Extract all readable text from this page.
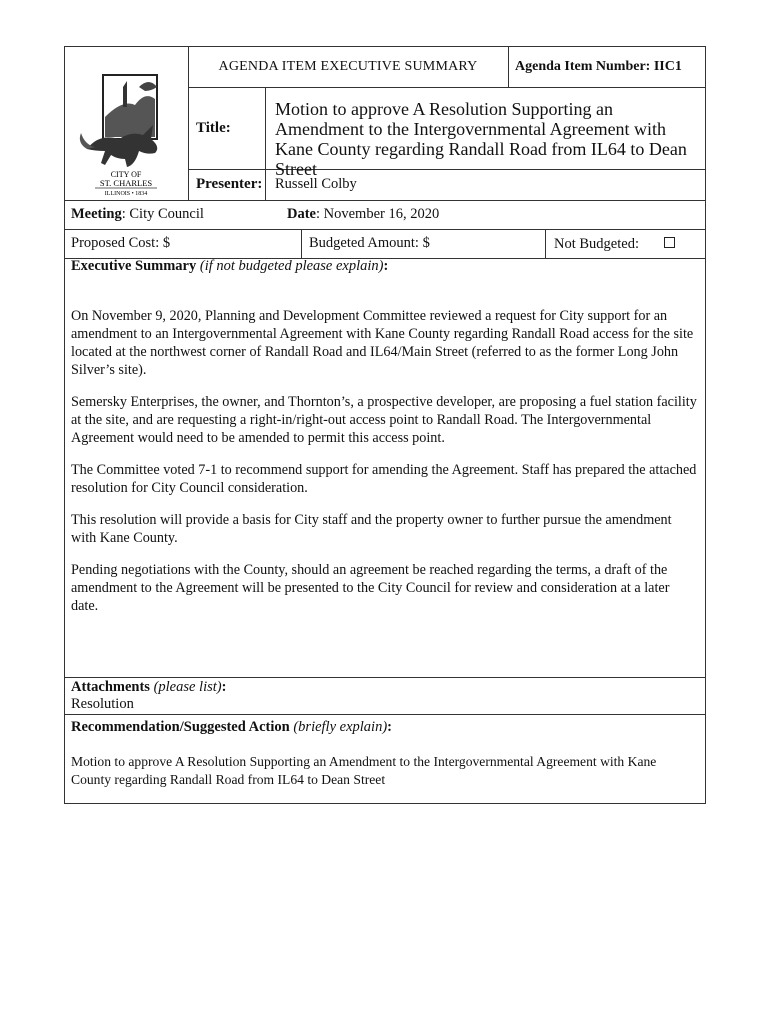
CITY OF
ST. CHARLES
ILLINOIS • 1834
AGENDA ITEM EXECUTIVE SUMMARY	Agenda Item Number: IIC1
Title:
Motion to approve A Resolution Supporting an Amendment to the Intergovernmental Agreement with Kane County regarding Randall Road from IL64 to Dean Street
Presenter: Russell Colby
Meeting: City Council	Date: November 16, 2020
Proposed Cost: $	Budgeted Amount: $	Not Budgeted:
Executive Summary (if not budgeted please explain):

On November 9, 2020, Planning and Development Committee reviewed a request for City support for an amendment to an Intergovernmental Agreement with Kane County regarding Randall Road access for the site located at the northwest corner of Randall Road and IL64/Main Street (referred to as the former Long John Silver’s site).

Semersky Enterprises, the owner, and Thornton’s, a prospective developer, are proposing a fuel station facility at the site, and are requesting a right-in/right-out access point to Randall Road. The Intergovernmental Agreement would need to be amended to permit this access point.

The Committee voted 7-1 to recommend support for amending the Agreement. Staff has prepared the attached resolution for City Council consideration.

This resolution will provide a basis for City staff and the property owner to further pursue the amendment with Kane County.

Pending negotiations with the County, should an agreement be reached regarding the terms, a draft of the amendment to the Agreement will be presented to the City Council for review and consideration at a later date.

Attachments (please list):
Resolution
Recommendation/Suggested Action (briefly explain):
Motion to approve A Resolution Supporting an Amendment to the Intergovernmental Agreement with Kane County regarding Randall Road from IL64 to Dean Street
